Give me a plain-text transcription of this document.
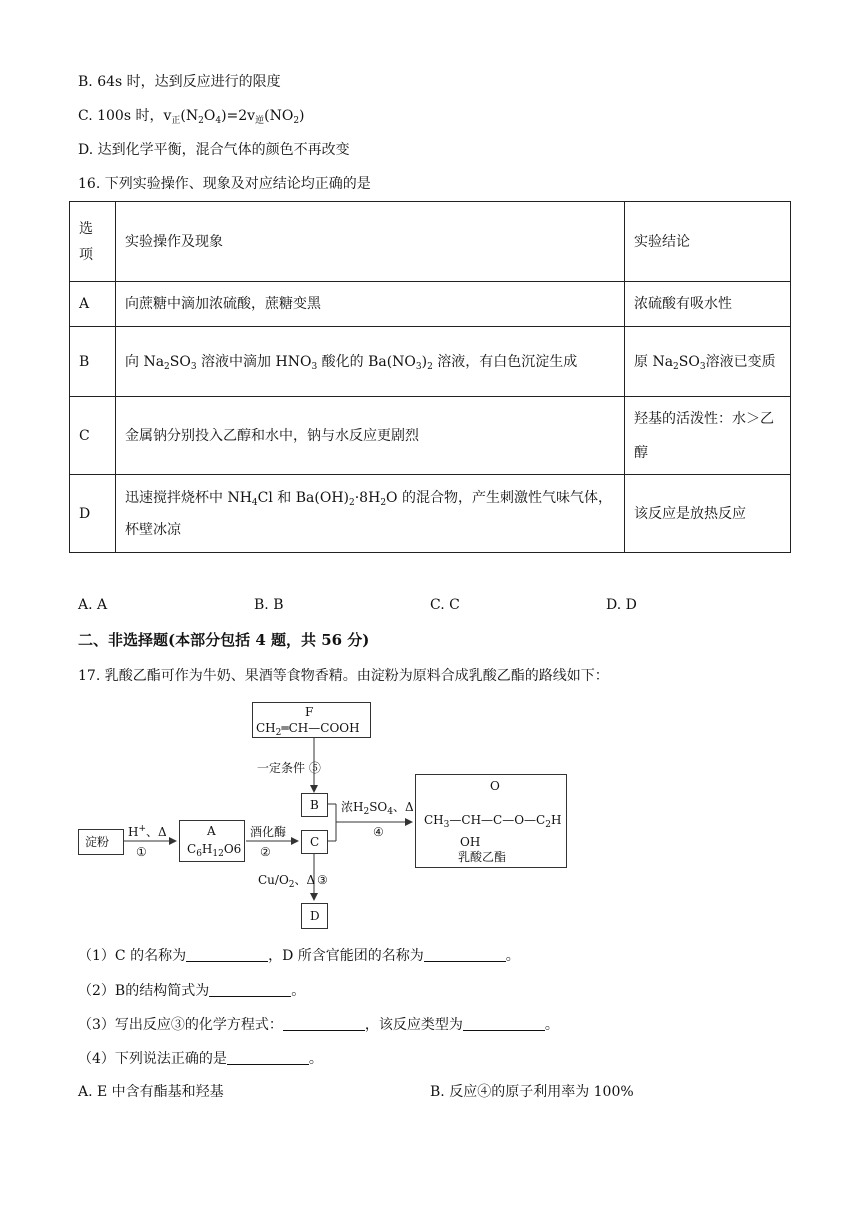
B. 64s 时，达到反应进行的限度
C. 100s 时，$v_正(N_2O_4)=2v_逆(NO_2)$
D. 达到化学平衡，混合气体的颜色不再改变
16. 下列实验操作、现象及对应结论均正确的是
选
项	实验操作及现象	实验结论
A	向蔗糖中滴加浓硫酸，蔗糖变黑	浓硫酸有吸水性
B	向 $Na_2SO_3$ 溶液中滴加 $HNO_3$ 酸化的 $Ba(NO_3)_2$ 溶液，有白色沉淀生成	原 $Na_2SO_3$溶液已变质
C	金属钠分别投入乙醇和水中，钠与水反应更剧烈	羟基的活泼性：水＞乙
醇
D	迅速搅拌烧杯中 $NH_4Cl$ 和 $Ba(OH)_2\cdot 8H_2O$ 的混合物，产生刺激性气味气体，
杯壁冰凉	该反应是放热反应
A. A	B. B	C. C	D. D
二、非选择题(本部分包括 4 题，共 56 分)
17. 乳酸乙酯可作为牛奶、果酒等食物香精。由淀粉为原料合成乳酸乙酯的路线如下：
F
$CH_2═CH—COOH$
一定条件 ⑤
B
淀粉
H+、Δ
①
A
$C_6H_{12}O6$
酒化酶
②
C
浓$H_2SO_4$、Δ
④
O
$CH_3—CH—C—O—C_2H$
OH
乳酸乙酯
$Cu/O_2$、Δ ③
D
（1）C 的名称为	，D 所含官能团的名称为	。
（2）B的结构简式为	。
（3）写出反应③的化学方程式：	，该反应类型为	。
（4）下列说法正确的是	。
A. E 中含有酯基和羟基	B. 反应④的原子利用率为 100%
